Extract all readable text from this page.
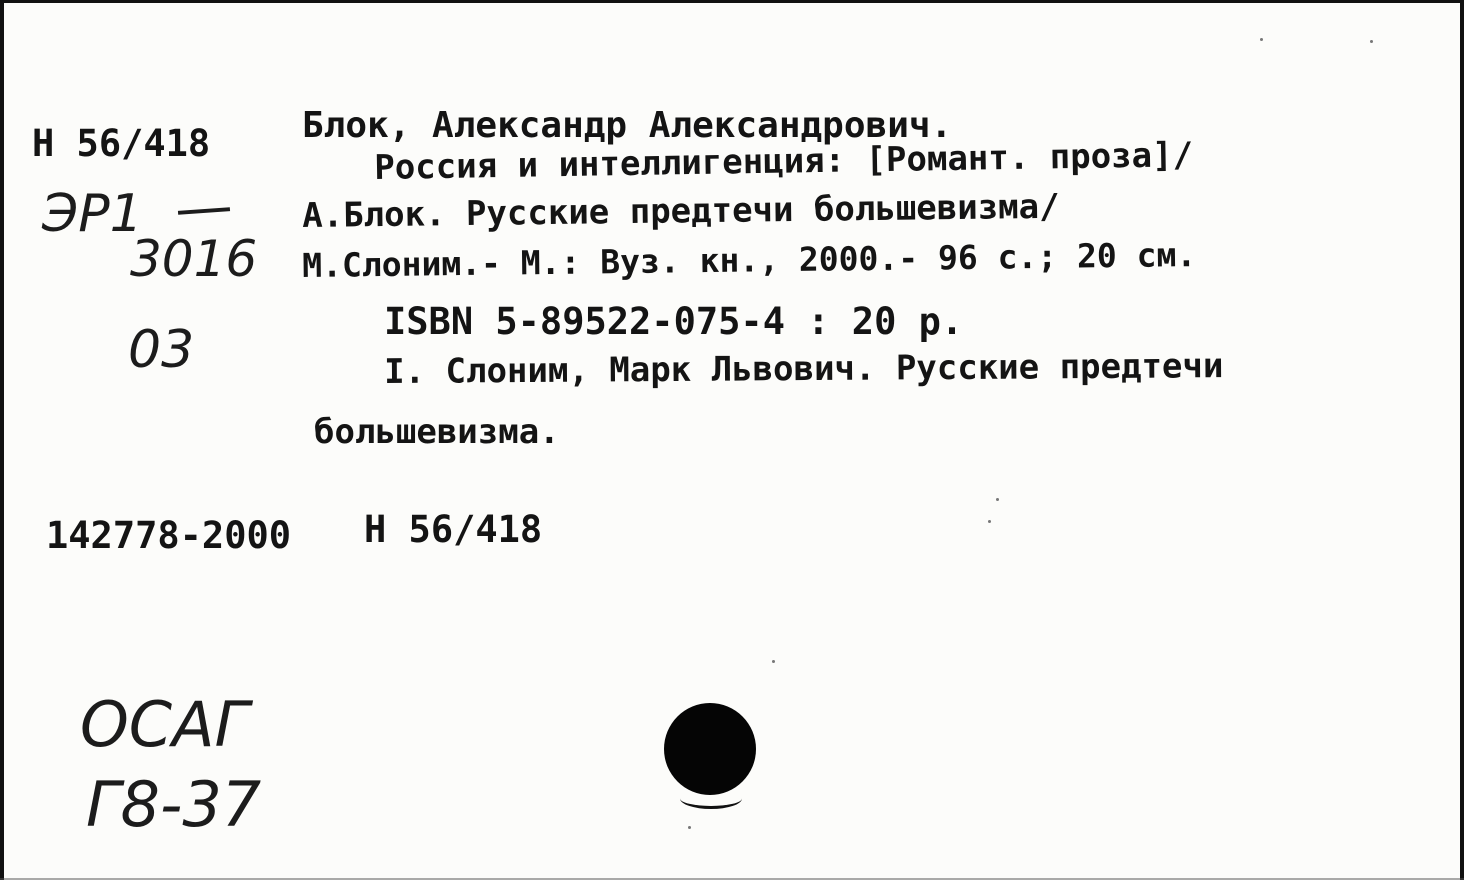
Н 56/418	Блок, Александр Александрович.

Россия и интеллигенция: [Романт. проза]/

А.Блок. Русские предтечи большевизма/

М.Слоним.- М.: Вуз. кн., 2000.- 96 с.; 20 см.

ISBN 5-89522-075-4 : 20 р.

I. Слоним, Марк Львович. Русские предтечи

большевизма.

142778-2000 Н 56/418

ЭР1

3016

03

ОСАГ

Г8-37
